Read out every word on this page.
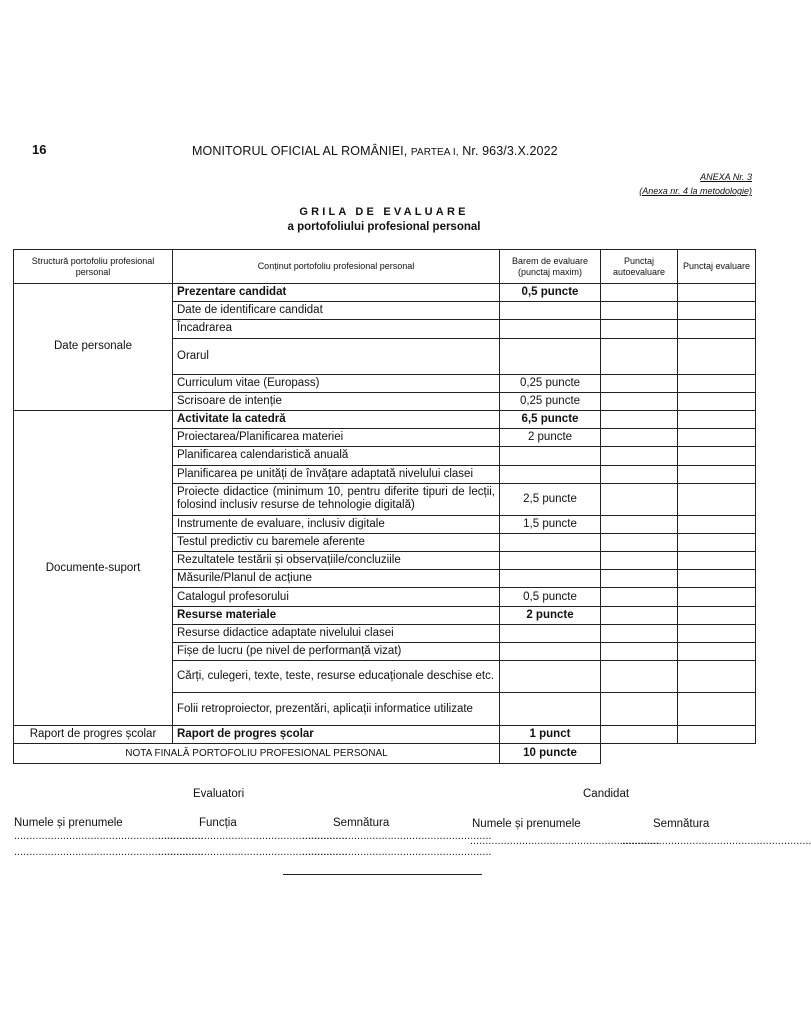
16	MONITORUL OFICIAL AL ROMÂNIEI, PARTEA I, Nr. 963/3.X.2022
ANEXA Nr. 3
(Anexa nr. 4 la metodologie)
GRILA DE EVALUARE
a portofoliului profesional personal
Structură portofoliu profesional personal	Conținut portofoliu profesional personal	Barem de evaluare (punctaj maxim)	Punctaj autoevaluare	Punctaj evaluare
Date personale	Prezentare candidat	0,5 puncte		
	Date de identificare candidat			
	Încadrarea			
	Orarul			
	Curriculum vitae (Europass)	0,25 puncte		
	Scrisoare de intenție	0,25 puncte		
Documente-suport	Activitate la catedră	6,5 puncte		
	Proiectarea/Planificarea materiei	2 puncte		
	Planificarea calendaristică anuală			
	Planificarea pe unități de învățare adaptată nivelului clasei			
	Proiecte didactice (minimum 10, pentru diferite tipuri de lecții, folosind inclusiv resurse de tehnologie digitală)	2,5 puncte		
	Instrumente de evaluare, inclusiv digitale	1,5 puncte		
	Testul predictiv cu baremele aferente			
	Rezultatele testării și observațiile/concluziile			
	Măsurile/Planul de acțiune			
	Catalogul profesorului	0,5 puncte		
	Resurse materiale	2 puncte		
	Resurse didactice adaptate nivelului clasei			
	Fișe de lucru (pe nivel de performanță vizat)			
	Cărți, culegeri, texte, teste, resurse educaționale deschise etc.			
	Folii retroproiector, prezentări, aplicații informatice utilizate			
Raport de progres școlar	Raport de progres școlar	1 punct		
NOTA FINALĂ PORTOFOLIU PROFESIONAL PERSONAL		10 puncte		
Evaluatori	Candidat
Numele și prenumele	Funcția	Semnătura	Numele și prenumele	Semnătura
..............................................................
..............................................................
..............................................................
..............................................................
..............................................................
..............................................................
..............................................................
..............................................................
